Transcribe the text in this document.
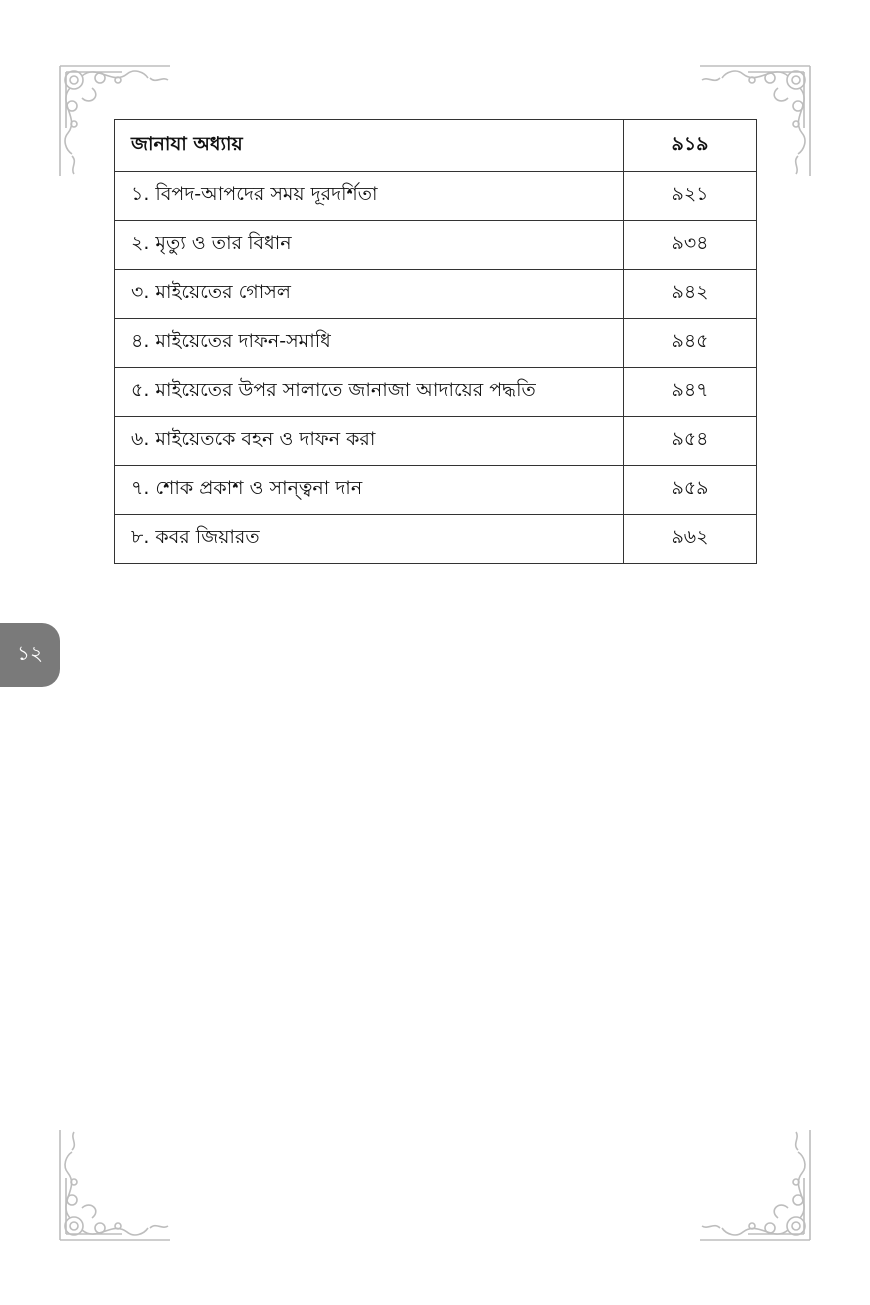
জানাযা অধ্যায়	৯১৯
১. বিপদ-আপদের সময় দূরদর্শিতা	৯২১
২. মৃত্যু ও তার বিধান	৯৩৪
৩. মাইয়েতের গোসল	৯৪২
৪. মাইয়েতের দাফন-সমাধি	৯৪৫
৫. মাইয়েতের উপর সালাতে জানাজা আদায়ের পদ্ধতি	৯৪৭
৬. মাইয়েতকে বহন ও দাফন করা	৯৫৪
৭. শোক প্রকাশ ও সান্ত্বনা দান	৯৫৯
৮. কবর জিয়ারত	৯৬২
১২
